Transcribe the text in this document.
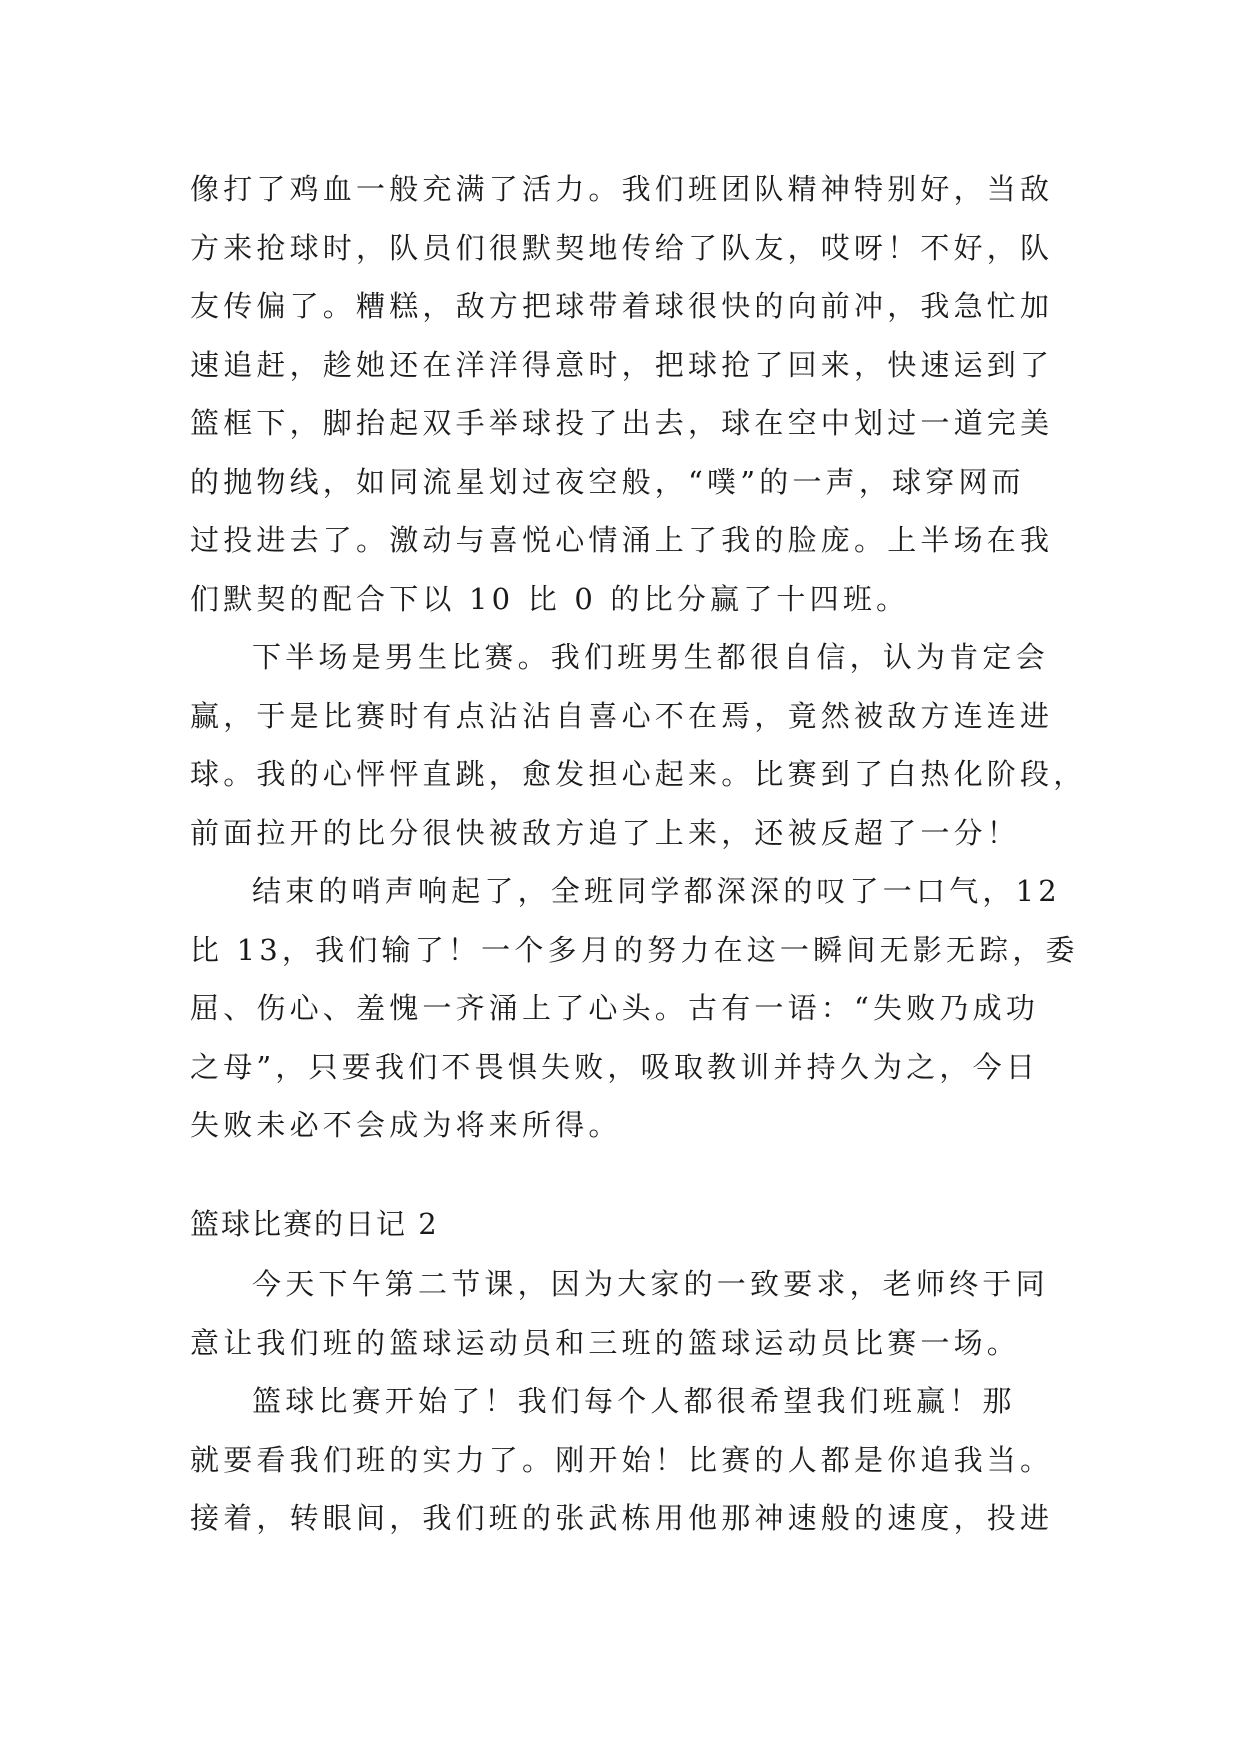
像打了鸡血一般充满了活力。我们班团队精神特别好，当敌
方来抢球时，队员们很默契地传给了队友，哎呀！不好，队
友传偏了。糟糕，敌方把球带着球很快的向前冲，我急忙加
速追赶，趁她还在洋洋得意时，把球抢了回来，快速运到了
篮框下，脚抬起双手举球投了出去，球在空中划过一道完美
的抛物线，如同流星划过夜空般，“噗”的一声，球穿网而
过投进去了。激动与喜悦心情涌上了我的脸庞。上半场在我
们默契的配合下以 10 比 0 的比分赢了十四班。
下半场是男生比赛。我们班男生都很自信，认为肯定会
赢，于是比赛时有点沾沾自喜心不在焉，竟然被敌方连连进
球。我的心怦怦直跳，愈发担心起来。比赛到了白热化阶段，
前面拉开的比分很快被敌方追了上来，还被反超了一分！
结束的哨声响起了，全班同学都深深的叹了一口气，12
比 13，我们输了！一个多月的努力在这一瞬间无影无踪，委
屈、伤心、羞愧一齐涌上了心头。古有一语：“失败乃成功
之母”，只要我们不畏惧失败，吸取教训并持久为之，今日
失败未必不会成为将来所得。
篮球比赛的日记 2
今天下午第二节课，因为大家的一致要求，老师终于同
意让我们班的篮球运动员和三班的篮球运动员比赛一场。
篮球比赛开始了！我们每个人都很希望我们班赢！那
就要看我们班的实力了。刚开始！比赛的人都是你追我当。
接着，转眼间，我们班的张武栋用他那神速般的速度，投进
